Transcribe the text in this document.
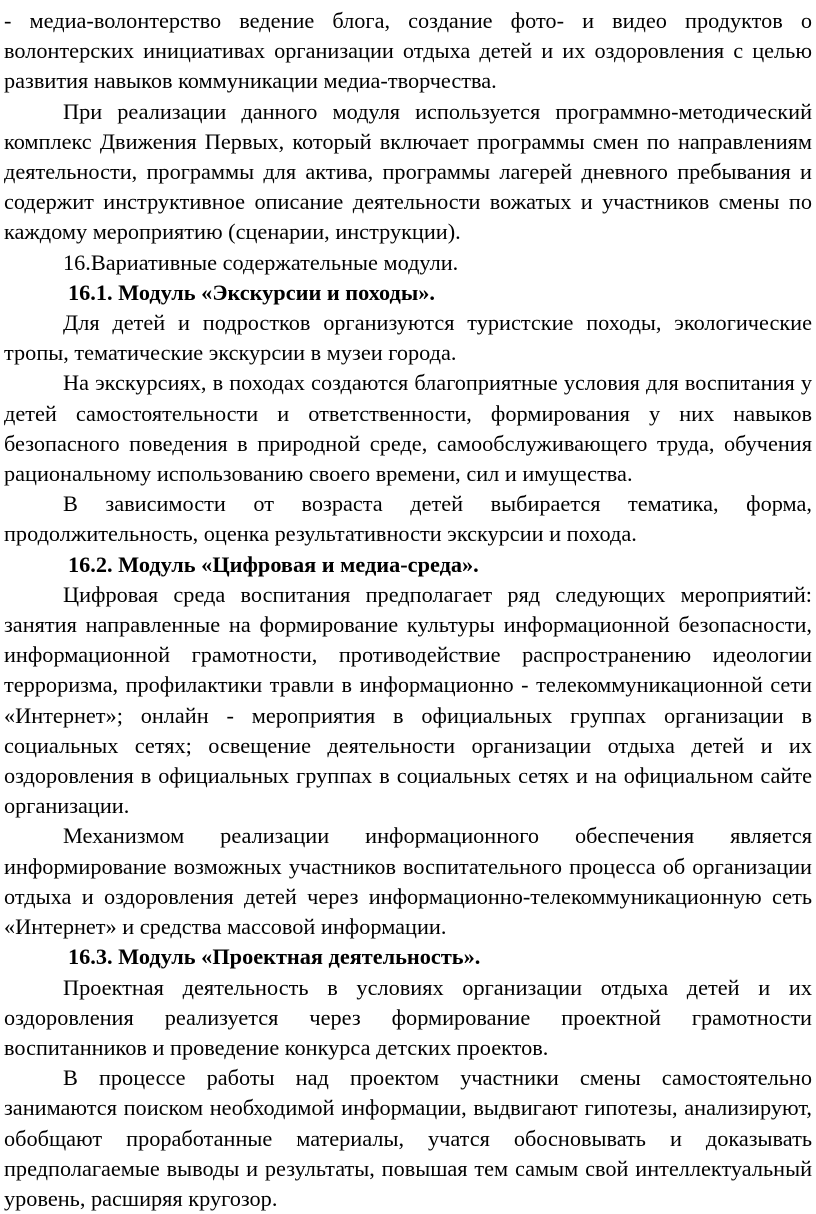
- медиа-волонтерство ведение блога, создание фото- и видео продуктов о волонтерских инициативах организации отдыха детей и их оздоровления с целью развития навыков коммуникации медиа-творчества.

При реализации данного модуля используется программно-методический комплекс Движения Первых, который включает программы смен по направлениям деятельности, программы для актива, программы лагерей дневного пребывания и содержит инструктивное описание деятельности вожатых и участников смены по каждому мероприятию (сценарии, инструкции).

16.Вариативные содержательные модули.

16.1. Модуль «Экскурсии и походы».

Для детей и подростков организуются туристские походы, экологические тропы, тематические экскурсии в музеи города.

На экскурсиях, в походах создаются благоприятные условия для воспитания у детей самостоятельности и ответственности, формирования у них навыков безопасного поведения в природной среде, самообслуживающего труда, обучения рациональному использованию своего времени, сил и имущества.

В зависимости от возраста детей выбирается тематика, форма, продолжительность, оценка результативности экскурсии и похода.

16.2. Модуль «Цифровая и медиа-среда».

Цифровая среда воспитания предполагает ряд следующих мероприятий: занятия направленные на формирование культуры информационной безопасности, информационной грамотности, противодействие распространению идеологии терроризма, профилактики травли в информационно - телекоммуникационной сети «Интернет»; онлайн - мероприятия в официальных группах организации в социальных сетях; освещение деятельности организации отдыха детей и их оздоровления в официальных группах в социальных сетях и на официальном сайте организации.

Механизмом реализации информационного обеспечения является информирование возможных участников воспитательного процесса об организации отдыха и оздоровления детей через информационно-телекоммуникационную сеть «Интернет» и средства массовой информации.

16.3. Модуль «Проектная деятельность».

Проектная деятельность в условиях организации отдыха детей и их оздоровления реализуется через формирование проектной грамотности воспитанников и проведение конкурса детских проектов.

В процессе работы над проектом участники смены самостоятельно занимаются поиском необходимой информации, выдвигают гипотезы, анализируют, обобщают проработанные материалы, учатся обосновывать и доказывать предполагаемые выводы и результаты, повышая тем самым свой интеллектуальный уровень, расширяя кругозор.
